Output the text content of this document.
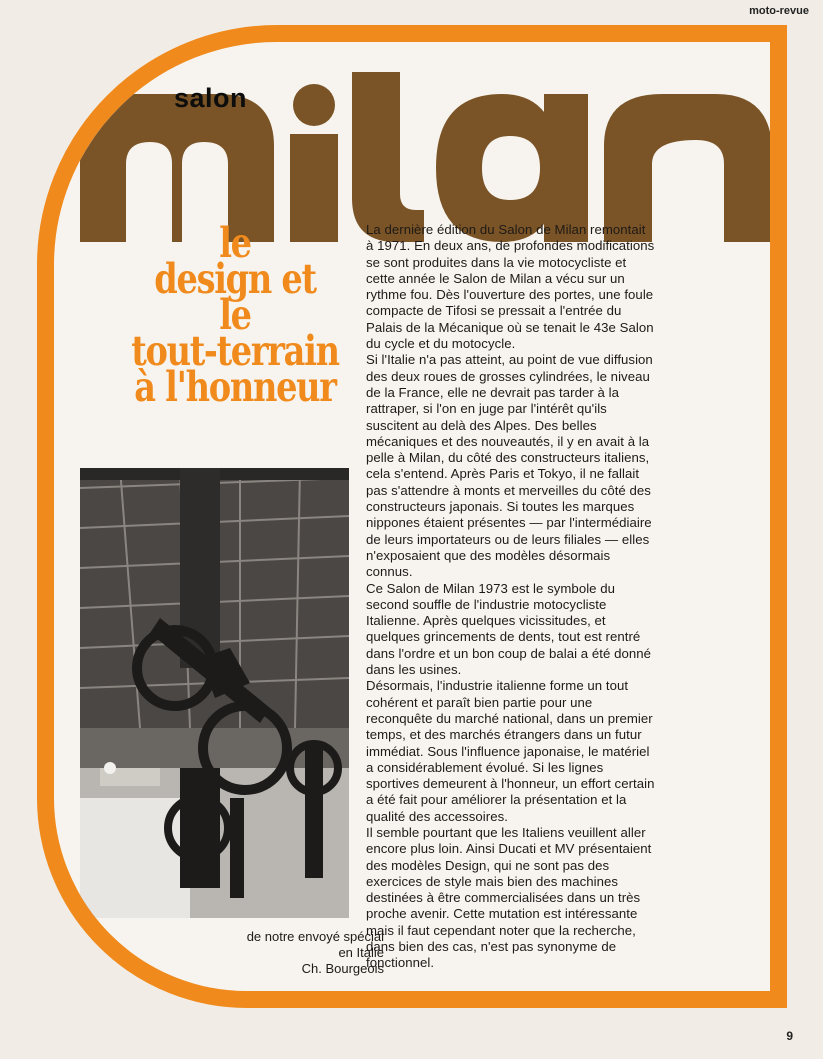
moto-revue
salon
le
design et
le
tout-terrain
à l'honneur
de notre envoyé spécial
en Italie
Ch. Bourgeois

La dernière édition du Salon de Milan remontait à 1971. En deux ans, de profondes modifications se sont produites dans la vie motocycliste et cette année le Salon de Milan a vécu sur un rythme fou. Dès l'ouverture des portes, une foule compacte de Tifosi se pressait a l'entrée du Palais de la Mécanique où se tenait le 43e Salon du cycle et du motocycle.

Si l'Italie n'a pas atteint, au point de vue diffusion des deux roues de grosses cylindrées, le niveau de la France, elle ne devrait pas tarder à la rattraper, si l'on en juge par l'intérêt qu'ils suscitent au delà des Alpes. Des belles mécaniques et des nouveautés, il y en avait à la pelle à Milan, du côté des constructeurs italiens, cela s'entend. Après Paris et Tokyo, il ne fallait pas s'attendre à monts et merveilles du côté des constructeurs japonais. Si toutes les marques nippones étaient présentes — par l'intermédiaire de leurs importateurs ou de leurs filiales — elles n'exposaient que des modèles désormais connus.

Ce Salon de Milan 1973 est le symbole du second souffle de l'industrie motocycliste Italienne. Après quelques vicissitudes, et quelques grincements de dents, tout est rentré dans l'ordre et un bon coup de balai a été donné dans les usines.

Désormais, l'industrie italienne forme un tout cohérent et paraît bien partie pour une reconquête du marché national, dans un premier temps, et des marchés étrangers dans un futur immédiat. Sous l'influence japonaise, le matériel a considérablement évolué. Si les lignes sportives demeurent à l'honneur, un effort certain a été fait pour améliorer la présentation et la qualité des accessoires.

Il semble pourtant que les Italiens veuillent aller encore plus loin. Ainsi Ducati et MV présentaient des modèles Design, qui ne sont pas des exercices de style mais bien des machines destinées à être commercialisées dans un très proche avenir. Cette mutation est intéressante mais il faut cependant noter que la recherche, dans bien des cas, n'est pas synonyme de fonctionnel.

9
